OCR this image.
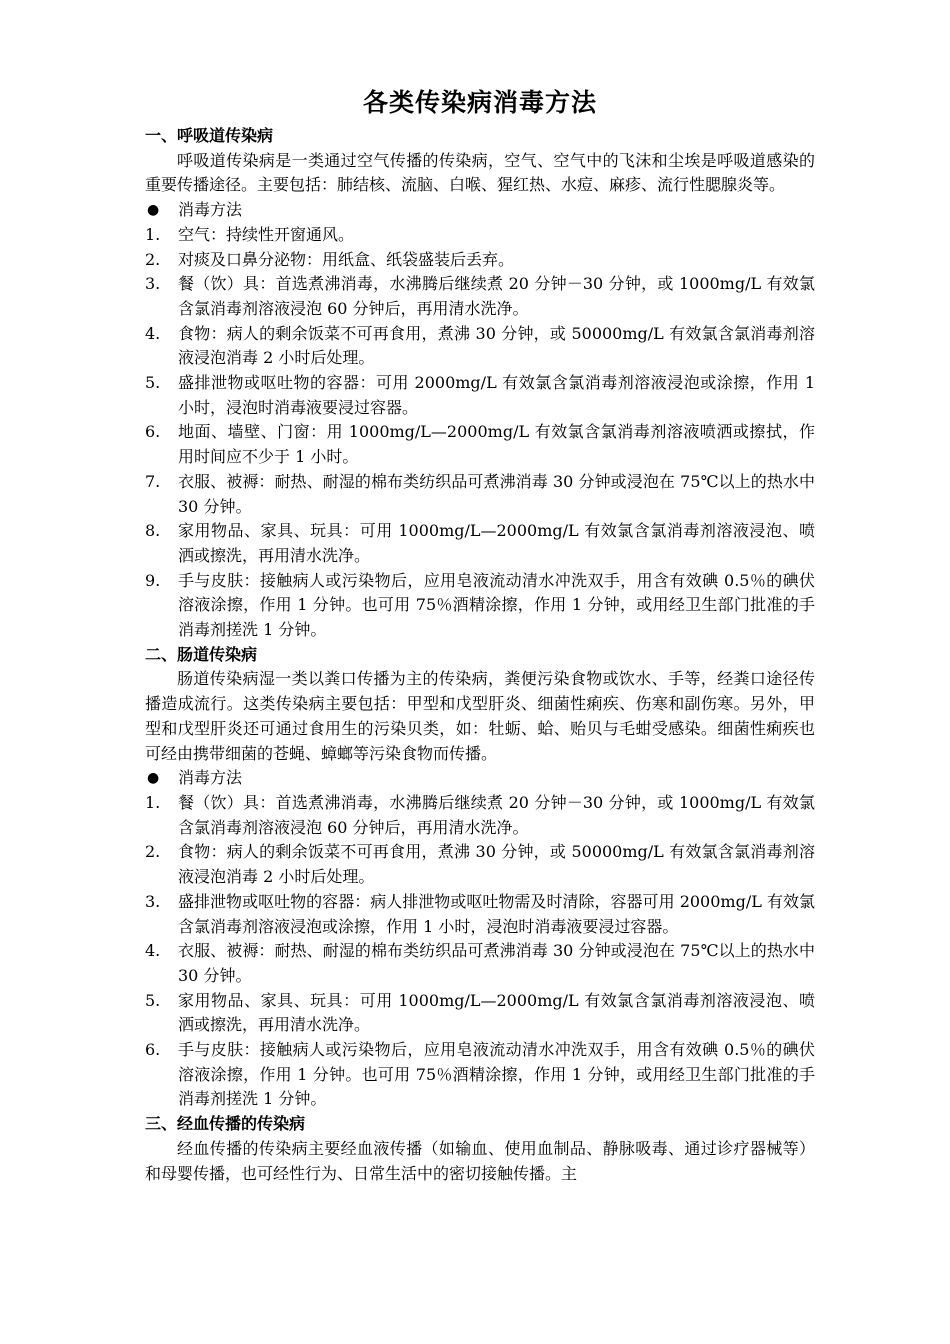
各类传染病消毒方法
一、呼吸道传染病

呼吸道传染病是一类通过空气传播的传染病，空气、空气中的飞沫和尘埃是呼吸道感染的重要传播途径。主要包括：肺结核、流脑、白喉、猩红热、水痘、麻疹、流行性腮腺炎等。

● 消毒方法
1. 空气：持续性开窗通风。
2. 对痰及口鼻分泌物：用纸盒、纸袋盛装后丢弃。
3. 餐（饮）具：首选煮沸消毒，水沸腾后继续煮 20 分钟－30 分钟，或 1000mg/L 有效氯含氯消毒剂溶液浸泡 60 分钟后，再用清水洗净。
4. 食物：病人的剩余饭菜不可再食用，煮沸 30 分钟，或 50000mg/L 有效氯含氯消毒剂溶液浸泡消毒 2 小时后处理。
5. 盛排泄物或呕吐物的容器：可用 2000mg/L 有效氯含氯消毒剂溶液浸泡或涂擦，作用 1 小时，浸泡时消毒液要浸过容器。
6. 地面、墙壁、门窗：用 1000mg/L—2000mg/L 有效氯含氯消毒剂溶液喷洒或擦拭，作用时间应不少于 1 小时。
7. 衣服、被褥：耐热、耐湿的棉布类纺织品可煮沸消毒 30 分钟或浸泡在 75℃以上的热水中 30 分钟。
8. 家用物品、家具、玩具：可用 1000mg/L—2000mg/L 有效氯含氯消毒剂溶液浸泡、喷洒或擦洗，再用清水洗净。
9. 手与皮肤：接触病人或污染物后，应用皂液流动清水冲洗双手，用含有效碘 0.5％的碘伏溶液涂擦，作用 1 分钟。也可用 75％酒精涂擦，作用 1 分钟，或用经卫生部门批准的手消毒剂搓洗 1 分钟。
二、肠道传染病

肠道传染病湿一类以粪口传播为主的传染病，粪便污染食物或饮水、手等，经粪口途径传播造成流行。这类传染病主要包括：甲型和戊型肝炎、细菌性痢疾、伤寒和副伤寒。另外，甲型和戊型肝炎还可通过食用生的污染贝类，如：牡蛎、蛤、贻贝与毛蚶受感染。细菌性痢疾也可经由携带细菌的苍蝇、蟑螂等污染食物而传播。

● 消毒方法
1. 餐（饮）具：首选煮沸消毒，水沸腾后继续煮 20 分钟－30 分钟，或 1000mg/L 有效氯含氯消毒剂溶液浸泡 60 分钟后，再用清水洗净。
2. 食物：病人的剩余饭菜不可再食用，煮沸 30 分钟，或 50000mg/L 有效氯含氯消毒剂溶液浸泡消毒 2 小时后处理。
3. 盛排泄物或呕吐物的容器：病人排泄物或呕吐物需及时清除，容器可用 2000mg/L 有效氯含氯消毒剂溶液浸泡或涂擦，作用 1 小时，浸泡时消毒液要浸过容器。
4. 衣服、被褥：耐热、耐湿的棉布类纺织品可煮沸消毒 30 分钟或浸泡在 75℃以上的热水中 30 分钟。
5. 家用物品、家具、玩具：可用 1000mg/L—2000mg/L 有效氯含氯消毒剂溶液浸泡、喷洒或擦洗，再用清水洗净。
6. 手与皮肤：接触病人或污染物后，应用皂液流动清水冲洗双手，用含有效碘 0.5％的碘伏溶液涂擦，作用 1 分钟。也可用 75％酒精涂擦，作用 1 分钟，或用经卫生部门批准的手消毒剂搓洗 1 分钟。
三、经血传播的传染病

经血传播的传染病主要经血液传播（如输血、使用血制品、静脉吸毒、通过诊疗器械等）和母婴传播，也可经性行为、日常生活中的密切接触传播。主
